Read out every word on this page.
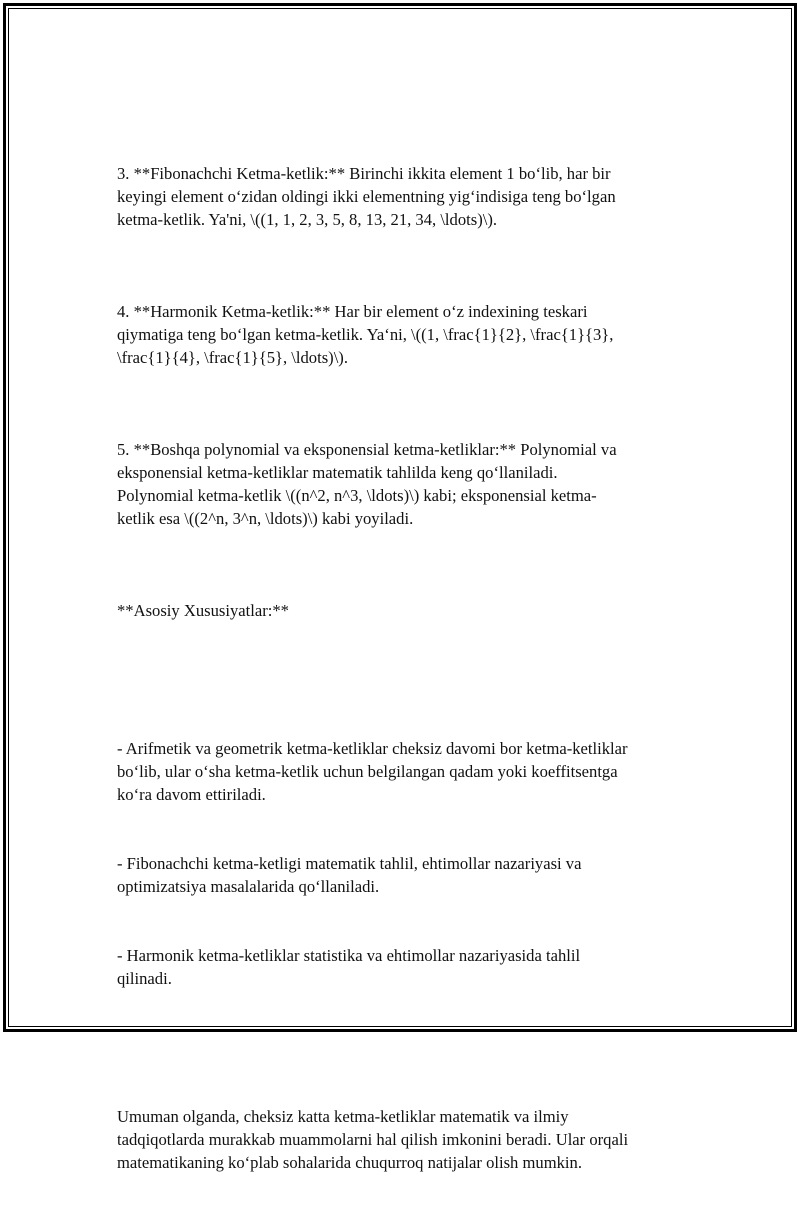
3. **Fibonachchi Ketma-ketlik:** Birinchi ikkita element 1 bo‘lib, har bir
keyingi element o‘zidan oldingi ikki elementning yig‘indisiga teng bo‘lgan
ketma-ketlik. Ya'ni, \((1, 1, 2, 3, 5, 8, 13, 21, 34, \ldots)\).

4. **Harmonik Ketma-ketlik:** Har bir element o‘z indexining teskari
qiymatiga teng bo‘lgan ketma-ketlik. Ya‘ni, \((1, \frac{1}{2}, \frac{1}{3},
\frac{1}{4}, \frac{1}{5}, \ldots)\).

5. **Boshqa polynomial va eksponensial ketma-ketliklar:** Polynomial va
eksponensial ketma-ketliklar matematik tahlilda keng qo‘llaniladi.
Polynomial ketma-ketlik \((n^2, n^3, \ldots)\) kabi; eksponensial ketma-
ketlik esa \((2^n, 3^n, \ldots)\) kabi yoyiladi.

**Asosiy Xususiyatlar:**

- Arifmetik va geometrik ketma-ketliklar cheksiz davomi bor ketma-ketliklar
bo‘lib, ular o‘sha ketma-ketlik uchun belgilangan qadam yoki koeffitsentga
ko‘ra davom ettiriladi.

- Fibonachchi ketma-ketligi matematik tahlil, ehtimollar nazariyasi va
optimizatsiya masalalarida qo‘llaniladi.

- Harmonik ketma-ketliklar statistika va ehtimollar nazariyasida tahlil
qilinadi.

Umuman olganda, cheksiz katta ketma-ketliklar matematik va ilmiy
tadqiqotlarda murakkab muammolarni hal qilish imkonini beradi. Ular orqali
matematikaning ko‘plab sohalarida chuqurroq natijalar olish mumkin.
